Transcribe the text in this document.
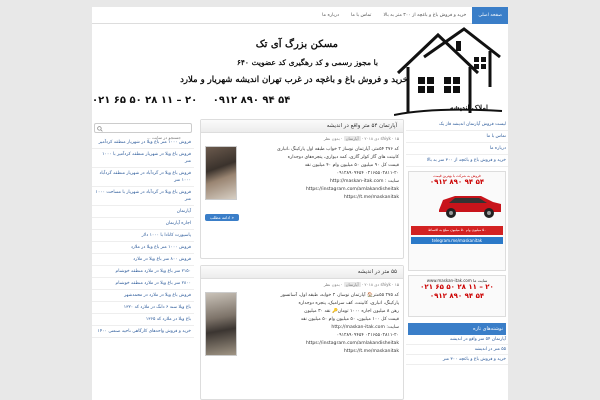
صفحه اصلی
خرید و فروش باغ و باغچه از ۳۰۰ متر به بالا
تماس با ما
درباره ما
مسکن بزرگ آی تک
با مجوز رسمی و کد رهگیری کد عضویت ۶۴۰
خرید و فروش باغ و باغچه در غرب تهران اندیشه شهریار و ملارد
۰۲۱ ۶۵ ۵۰ ۲۸ ۱۱ – ۲۰ ۰۹۱۲ ۸۹۰ ۹۴ ۵۴
املاک اندیشه
لیست فروش آپارتمان اندیشه فاز یک
تماس با ما
درباره ما
خرید و فروش باغ و باغچه از ۳۰۰ متر به بالا
فروش به شرکت با بهترین قیمت
۰۹۱۲ ۸۹۰ ۹۴ ۵۴
۵۰ میلیون وام ۵۰ میلیون مبلغ به اقساط
telegram.me/maskanitak
سایت ما www.maskan-itak.com
۰۲۱ ۶۵ ۵۰ ۲۸ ۱۱ – ۲۰
۰۹۱۲ ۸۹۰ ۹۴ ۵۴
نوشته‌های تازه
آپارتمان ۵۴ متر واقع در اندیشه
۵۵ متر در اندیشه
خرید و فروش باغ و باغچه ۳۰۰ متر
آپارتمان ۵۴ متر واقع در اندیشه
shiyk · ۱۵ دی ۲۰۱۸ · آپارتمان · بدون نظر

کد ۲۷۶ ۵۴متر، آپارتمان نوساز ۲ خواب طبقه اول پارکینگ ،انباری

کابینت های گاز کولر گازی، کمد دیواری، پنجره‌های دوجداره

قیمت کل ۹۰ میلیون ۵۰ میلیون وام ۴۰ میلیون نقد

۰۲۱۶۵۵۰۲۸۱۱-۲۰ ۰۹۱۲۸۹۰۹۴۵۴

سایت : http://maskan-itak.com

https://instagram.com/amlakandisheitak

https://t.me/maskanitak

ادامه مطلب »
۵۵ متر در اندیشه
shiyk · ۱۵ دی ۲۰۱۸ · آپارتمان · بدون نظر

کد ۲۷۵ ۵۵متر🏠 آپارتمان نوساز، ۲ خوابه، طبقه اول، آسانسور

پارکینگ، انباری، کابینت، کف سرامیک، پنجره دوجداره

رهن ۸ میلیون اجاره ۱۰۰۰ تومان🔑 نقد ۳۰ میلیون

قیمت کل ۱۰۰ میلیون، ۵۰ میلیون وام ۵۰ میلیون نقد

سایت: http://maskan-itak.com

۰۲۱۶۵۵۰۲۸۱۱-۲۰ ۰۹۱۲۸۹۰۹۴۵۴

https://instagram.com/amlakandisheitak

https://t.me/maskanitak

جستجو در سایت ...
فروش ۱۰۰۰ متر باغ ویلا در شهریار منطقه کردآمیر
فروش باغ ویلا در شهریار منطقه کردآمیر با ۱۰۰۰ متر
فروش باغ ویلا در گردآباد در شهریار منطقه گردآباد ۱۰۰۰ متر
فروش باغ ویلا در گردآباد در شهریار با مساحت ۱۰۰۰ متر
آپارتمان
اجاره آپارتمان
پاسپورت کانادا با ۱۰۰۰ دلار
فروش ۱۰۰۰ متر باغ ویلا در ملارد
فروش ۸۰۰ متر باغ ویلا در ملارد
۲۱۵۰ متر باغ ویلا در ملارد منطقه خوشنام
۲۸۰۰ متر باغ ویلا در ملارد منطقه خوشنام
فروش باغ ویلا در ملارد در محمدشهر
باغ ویلا سند ۶ دانگ در ملارد کد ۱۳۲۰
باغ ویلا در ملارد کد ۱۳۶۵
خرید و فروش واحدهای کارگاهی ناحیه صنعتی ۱۴۰۰
